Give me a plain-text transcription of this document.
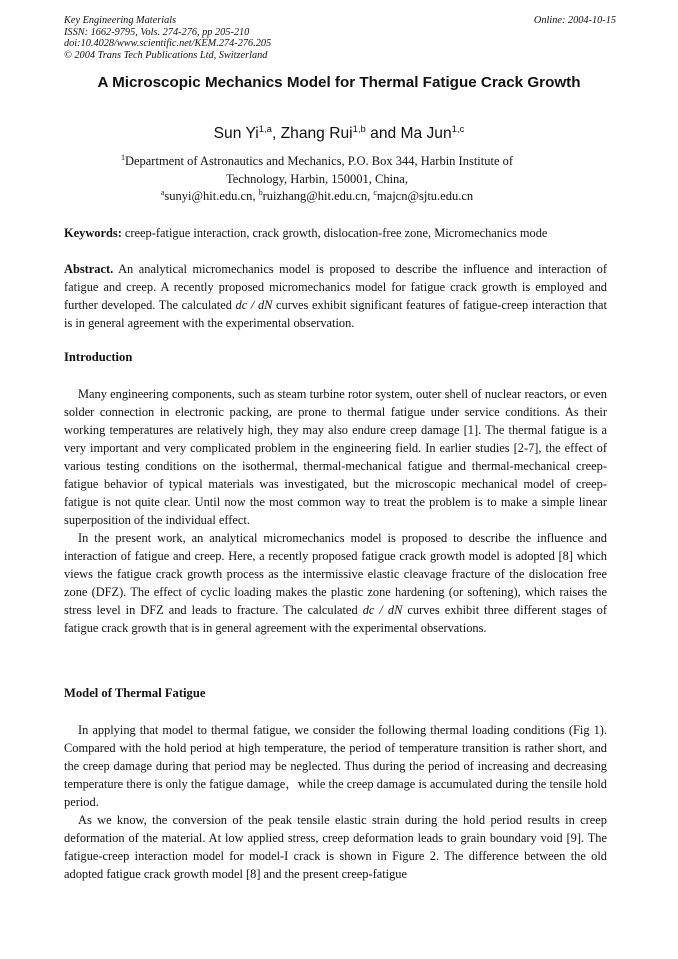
Key Engineering Materials
ISSN: 1662-9795, Vols. 274-276, pp 205-210
doi:10.4028/www.scientific.net/KEM.274-276.205
© 2004 Trans Tech Publications Ltd, Switzerland
Online: 2004-10-15
A Microscopic Mechanics Model for Thermal Fatigue Crack Growth
Sun Yi$^{1,a}$, Zhang Rui$^{1,b}$ and Ma Jun$^{1,c}$
$^1$Department of Astronautics and Mechanics, P.O. Box 344, Harbin Institute of
Technology, Harbin, 150001, China,
$^a$sunyi@hit.edu.cn, $^b$ruizhang@hit.edu.cn, $^c$majcn@sjtu.edu.cn
Keywords: creep-fatigue interaction, crack growth, dislocation-free zone, Micromechanics mode
Abstract. An analytical micromechanics model is proposed to describe the influence and interaction of fatigue and creep. A recently proposed micromechanics model for fatigue crack growth is employed and further developed. The calculated dc / dN curves exhibit significant features of fatigue-creep interaction that is in general agreement with the experimental observation.
Introduction

Many engineering components, such as steam turbine rotor system, outer shell of nuclear reactors, or even solder connection in electronic packing, are prone to thermal fatigue under service conditions. As their working temperatures are relatively high, they may also endure creep damage [1]. The thermal fatigue is a very important and very complicated problem in the engineering field. In earlier studies [2-7], the effect of various testing conditions on the isothermal, thermal-mechanical fatigue and thermal-mechanical creep-fatigue behavior of typical materials was investigated, but the microscopic mechanical model of creep-fatigue is not quite clear. Until now the most common way to treat the problem is to make a simple linear superposition of the individual effect.

In the present work, an analytical micromechanics model is proposed to describe the influence and interaction of fatigue and creep. Here, a recently proposed fatigue crack growth model is adopted [8] which views the fatigue crack growth process as the intermissive elastic cleavage fracture of the dislocation free zone (DFZ). The effect of cyclic loading makes the plastic zone hardening (or softening), which raises the stress level in DFZ and leads to fracture. The calculated dc / dN curves exhibit three different stages of fatigue crack growth that is in general agreement with the experimental observations.

Model of Thermal Fatigue

In applying that model to thermal fatigue, we consider the following thermal loading conditions (Fig 1). Compared with the hold period at high temperature, the period of temperature transition is rather short, and the creep damage during that period may be neglected. Thus during the period of increasing and decreasing temperature there is only the fatigue damage，while the creep damage is accumulated during the tensile hold period.

As we know, the conversion of the peak tensile elastic strain during the hold period results in creep deformation of the material. At low applied stress, creep deformation leads to grain boundary void [9]. The fatigue-creep interaction model for model-I crack is shown in Figure 2. The difference between the old adopted fatigue crack growth model [8] and the present creep-fatigue
